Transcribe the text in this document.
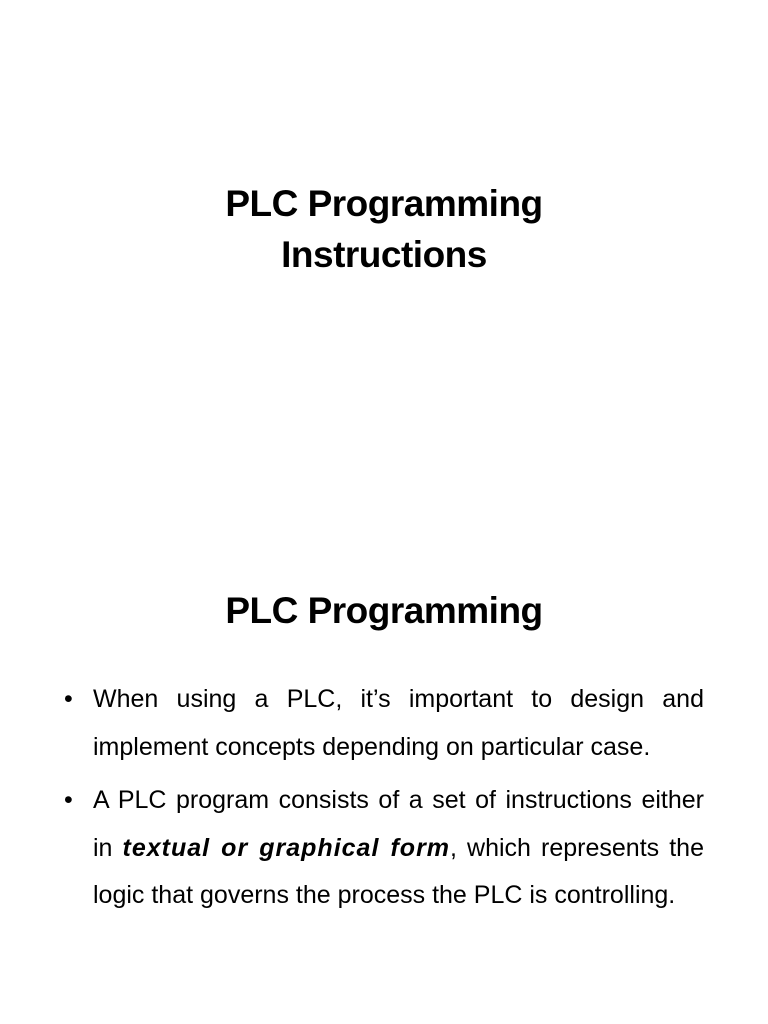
PLC Programming
Instructions
PLC Programming
• When using a PLC, it’s important to design and implement concepts depending on particular case.
• A PLC program consists of a set of instructions either in textual or graphical form, which represents the logic that governs the process the PLC is controlling.
